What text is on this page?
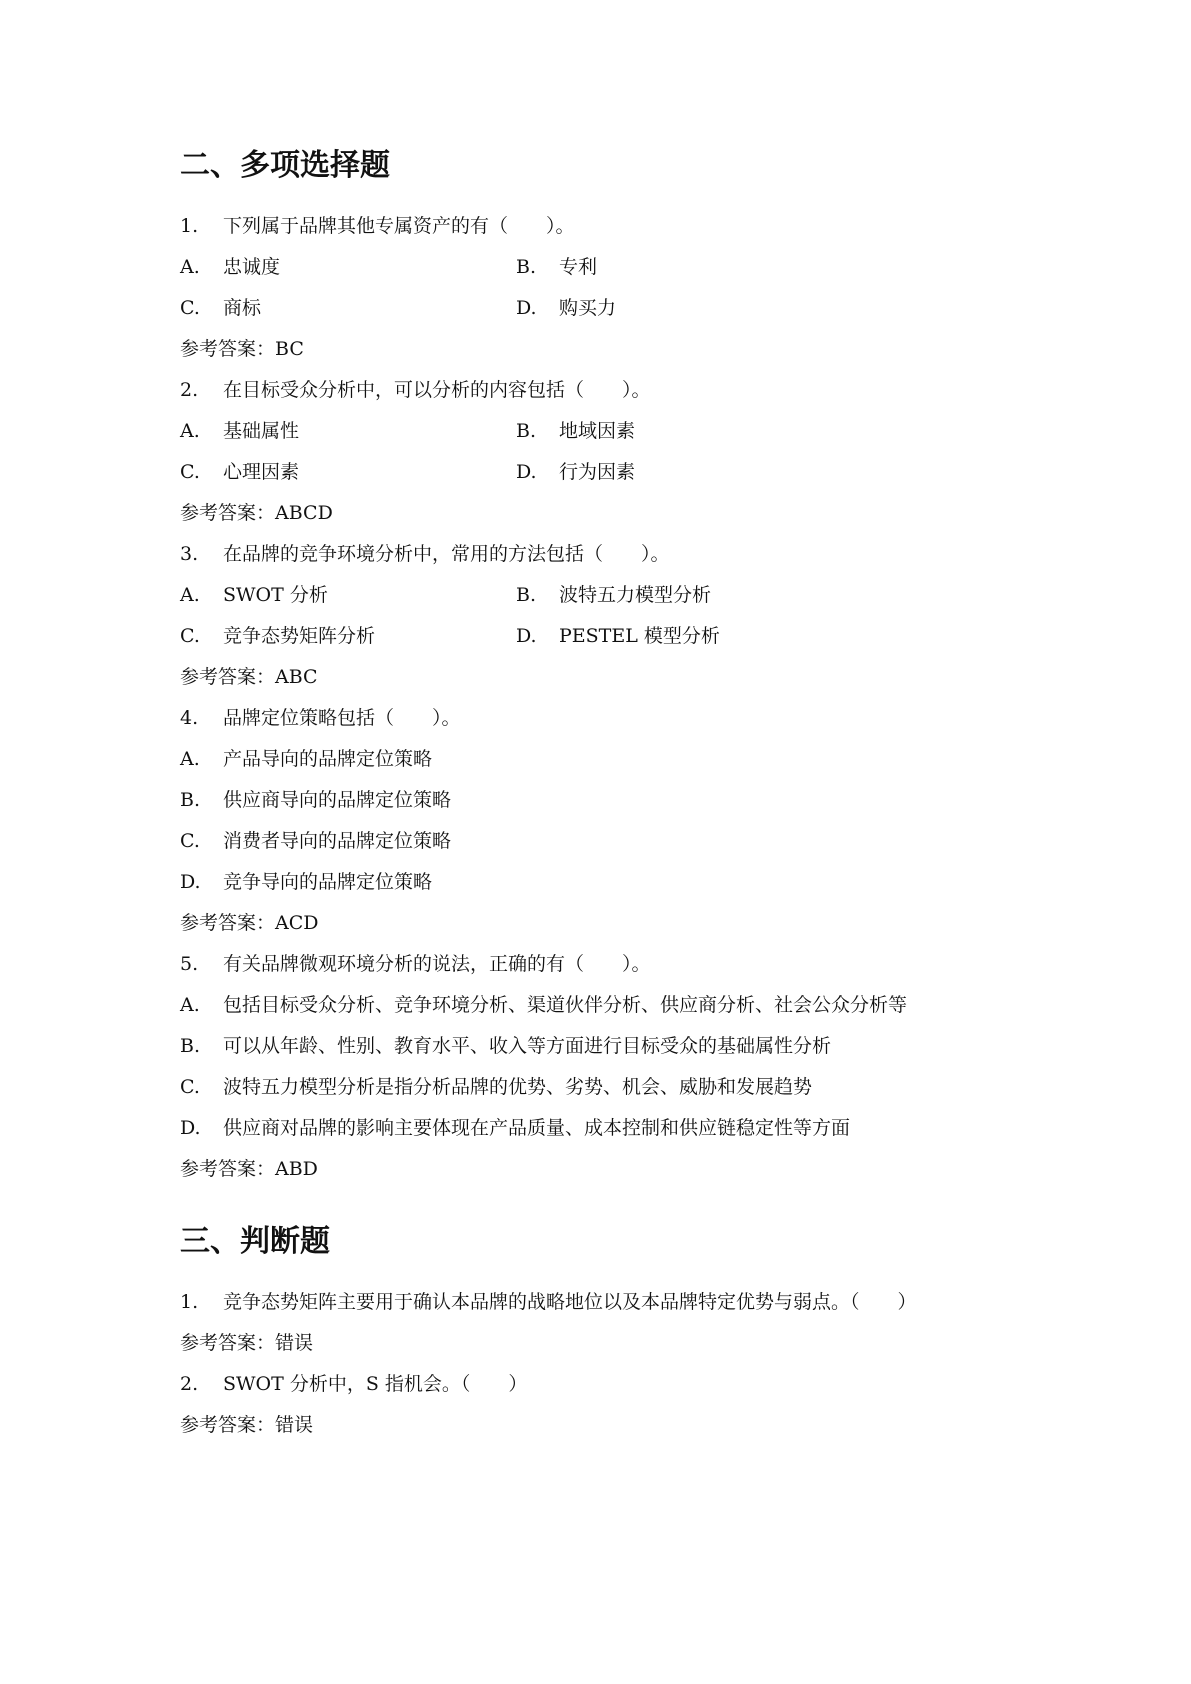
二、多项选择题
1. 下列属于品牌其他专属资产的有（　　）。
A. 忠诚度	B. 专利
C. 商标	D. 购买力
参考答案：BC
2. 在目标受众分析中，可以分析的内容包括（　　）。
A. 基础属性	B. 地域因素
C. 心理因素	D. 行为因素
参考答案：ABCD
3. 在品牌的竞争环境分析中，常用的方法包括（　　）。
A. SWOT 分析	B. 波特五力模型分析
C. 竞争态势矩阵分析	D. PESTEL 模型分析
参考答案：ABC
4. 品牌定位策略包括（　　）。
A. 产品导向的品牌定位策略
B. 供应商导向的品牌定位策略
C. 消费者导向的品牌定位策略
D. 竞争导向的品牌定位策略
参考答案：ACD
5. 有关品牌微观环境分析的说法，正确的有（　　）。
A. 包括目标受众分析、竞争环境分析、渠道伙伴分析、供应商分析、社会公众分析等
B. 可以从年龄、性别、教育水平、收入等方面进行目标受众的基础属性分析
C. 波特五力模型分析是指分析品牌的优势、劣势、机会、威胁和发展趋势
D. 供应商对品牌的影响主要体现在产品质量、成本控制和供应链稳定性等方面
参考答案：ABD
三、判断题
1. 竞争态势矩阵主要用于确认本品牌的战略地位以及本品牌特定优势与弱点。（　　）
参考答案：错误
2. SWOT 分析中，S 指机会。（　　）
参考答案：错误
